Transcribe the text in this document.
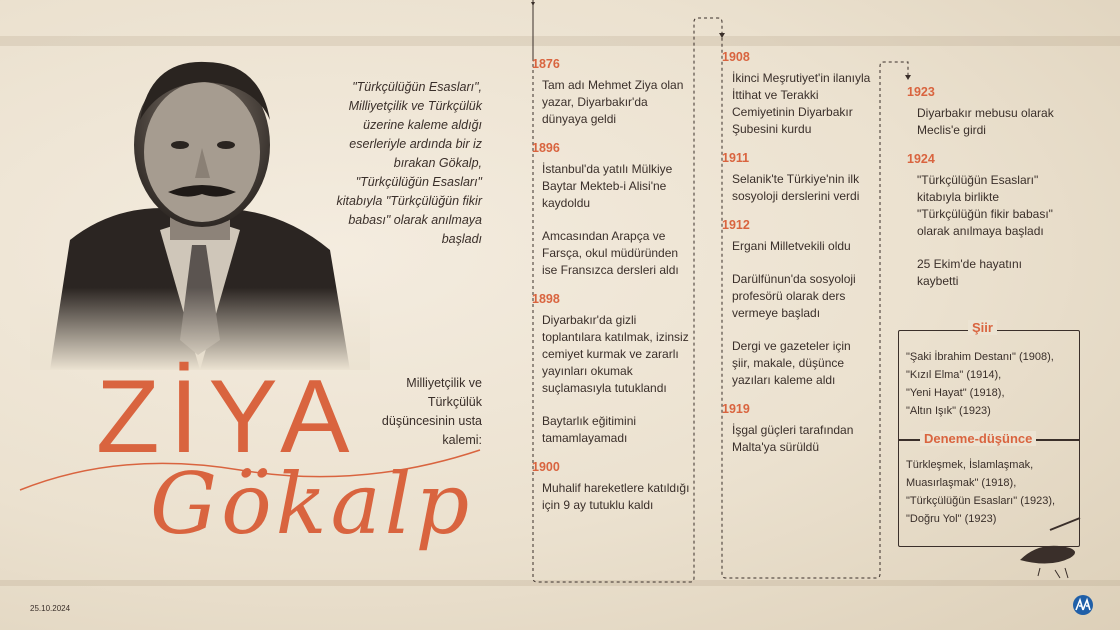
"Türkçülüğün Esasları", Milliyetçilik ve Türkçülük üzerine kaleme aldığı eserleriyle ardında bir iz bırakan Gökalp, "Türkçülüğün Esasları" kitabıyla "Türkçülüğün fikir babası" olarak anılmaya başladı
Milliyetçilik ve Türkçülük düşüncesinin usta kalemi:
ZİYA
Gökalp
1876
Tam adı Mehmet Ziya olan yazar, Diyarbakır'da dünyaya geldi
1896
İstanbul'da yatılı Mülkiye Baytar Mekteb-i Alisi'ne kaydoldu
Amcasından Arapça ve Farsça, okul müdüründen ise Fransızca dersleri aldı
1898
Diyarbakır'da gizli toplantılara katılmak, izinsiz cemiyet kurmak ve zararlı yayınları okumak suçlamasıyla tutuklandı
Baytarlık eğitimini tamamlayamadı
1900
Muhalif hareketlere katıldığı için 9 ay tutuklu kaldı
1908
İkinci Meşrutiyet'in ilanıyla İttihat ve Terakki Cemiyetinin Diyarbakır Şubesini kurdu
1911
Selanik'te Türkiye'nin ilk sosyoloji derslerini verdi
1912
Ergani Milletvekili oldu
Darülfünun'da sosyoloji profesörü olarak ders vermeye başladı
Dergi ve gazeteler için şiir, makale, düşünce yazıları kaleme aldı
1919
İşgal güçleri tarafından Malta'ya sürüldü
1923
Diyarbakır mebusu olarak Meclis'e girdi
1924
"Türkçülüğün Esasları" kitabıyla birlikte "Türkçülüğün fikir babası" olarak anılmaya başladı
25 Ekim'de hayatını kaybetti
Şiir
"Şaki İbrahim Destanı" (1908),
"Kızıl Elma" (1914),
"Yeni Hayat" (1918),
"Altın Işık" (1923)
Deneme-düşünce
Türkleşmek, İslamlaşmak,
Muasırlaşmak" (1918),
"Türkçülüğün Esasları" (1923),
"Doğru Yol" (1923)
25.10.2024
